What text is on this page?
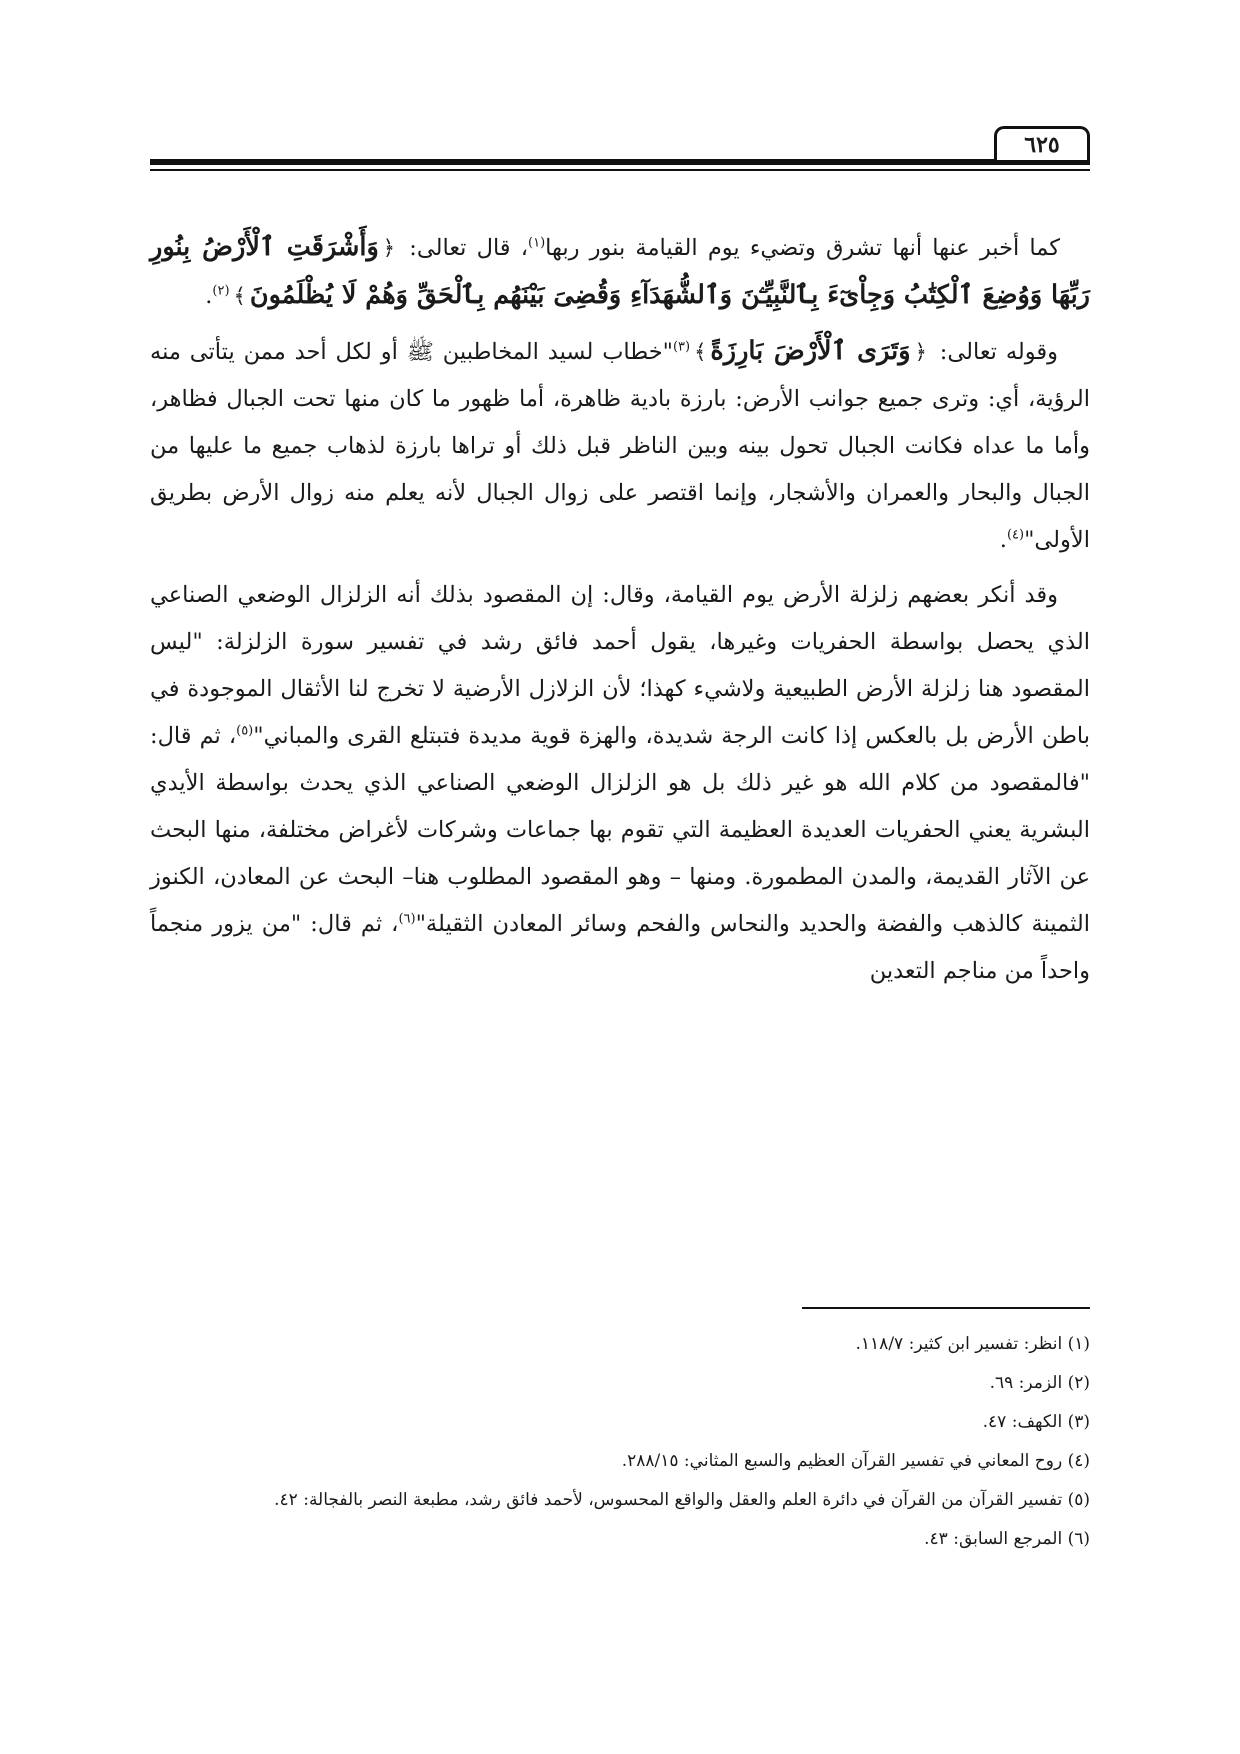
٦٢٥

كما أخبر عنها أنها تشرق وتضيء يوم القيامة بنور ربها$^{(١)}$، قال تعالى: ﴿وَأَشْرَقَتِ ٱلْأَرْضُ بِنُورِ رَبِّهَا وَوُضِعَ ٱلْكِتَٰبُ وَجِاْىٓءَ بِٱلنَّبِيِّـۧنَ وَٱلشُّهَدَآءِ وَقُضِىَ بَيْنَهُم بِٱلْحَقِّ وَهُمْ لَا يُظْلَمُونَ﴾$^{(٢)}$.

وقوله تعالى: ﴿وَتَرَى ٱلْأَرْضَ بَارِزَةً﴾$^{(٣)}$"خطاب لسيد المخاطبين ﷺ أو لكل أحد ممن يتأتى منه الرؤية، أي: وترى جميع جوانب الأرض: بارزة بادية ظاهرة، أما ظهور ما كان منها تحت الجبال فظاهر، وأما ما عداه فكانت الجبال تحول بينه وبين الناظر قبل ذلك أو تراها بارزة لذهاب جميع ما عليها من الجبال والبحار والعمران والأشجار، وإنما اقتصر على زوال الجبال لأنه يعلم منه زوال الأرض بطريق الأولى"$^{(٤)}$.

وقد أنكر بعضهم زلزلة الأرض يوم القيامة، وقال: إن المقصود بذلك أنه الزلزال الوضعي الصناعي الذي يحصل بواسطة الحفريات وغيرها، يقول أحمد فائق رشد في تفسير سورة الزلزلة: "ليس المقصود هنا زلزلة الأرض الطبيعية ولاشيء كهذا؛ لأن الزلازل الأرضية لا تخرج لنا الأثقال الموجودة في باطن الأرض بل بالعكس إذا كانت الرجة شديدة، والهزة قوية مديدة فتبتلع القرى والمباني"$^{(٥)}$، ثم قال: "فالمقصود من كلام الله هو غير ذلك بل هو الزلزال الوضعي الصناعي الذي يحدث بواسطة الأيدي البشرية يعني الحفريات العديدة العظيمة التي تقوم بها جماعات وشركات لأغراض مختلفة، منها البحث عن الآثار القديمة، والمدن المطمورة. ومنها – وهو المقصود المطلوب هنا– البحث عن المعادن، الكنوز الثمينة كالذهب والفضة والحديد والنحاس والفحم وسائر المعادن الثقيلة"$^{(٦)}$، ثم قال: "من يزور منجماً واحداً من مناجم التعدين

(١) انظر: تفسير ابن كثير: ١١٨/٧.
(٢) الزمر: ٦٩.
(٣) الكهف: ٤٧.
(٤) روح المعاني في تفسير القرآن العظيم والسبع المثاني: ٢٨٨/١٥.
(٥) تفسير القرآن من القرآن في دائرة العلم والعقل والواقع المحسوس، لأحمد فائق رشد، مطبعة النصر بالفجالة: ٤٢.
(٦) المرجع السابق: ٤٣.
